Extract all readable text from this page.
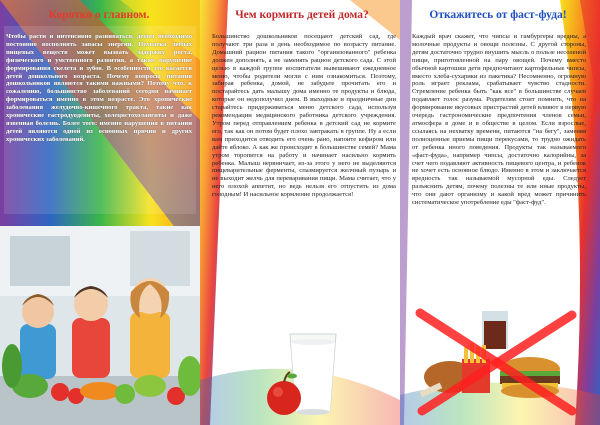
Коротко о главном.

Чтобы расти и интенсивно развиваться, детям необходимо постоянно восполнять запасы энергии. Нехватка любых пищевых веществ может вызвать задержку роста, физического и умственного развития, а также нарушение формирования скелета и зубов. В особенности это касается детей дошкольного возраста. Почему вопросы питания дошкольников являются такими важными? Потому что, к сожалению, большинство заболеваний сегодня начинает формироваться именно в этом возрасте. Это хронические заболевания желудочно-кишечного тракта, такие как хронические гастродуодениты, холецистохолангиты и даже язвенная болезнь. Более того: именно нарушения в питании детей являются одной из основных причин и других хронических заболеваний.

Чем кормить детей дома?

Большинство дошкольников посещают детский сад, где получают три раза в день необходимое по возрасту питание. Домашний рацион питания такого "организованного" ребенка должен дополнять, а не заменять рацион детского сада. С этой целью в каждой группе воспитатели вывешивают ежедневное меню, чтобы родители могли с ним ознакомиться. Поэтому, забирая ребенка, домой, не забудьте прочитать его и постарайтесь дать малышу дома именно те продукты и блюда, которые он недополучил днем. В выходные и праздничные дни старайтесь придерживаться меню детского сада, используя рекомендации медицинского работника детского учреждения. Утром перед отправлением ребенка в детский сад не кормите его, так как он потом будет плохо завтракать в группе. Ну а если вам приходится отводить его очень рано, напоите кефиром или дайте яблоко. А как же происходит в большинстве семей? Мама утром торопится на работу и начинает насильно кормить ребенка. Малыш нервничает, из-за этого у него не выделяются пищеварительные ферменты, спазмируется желчный пузырь и не выходит желчь для переваривания пищи. Мама считает, что у него плохой аппетит, но ведь нельзя его отпустить из дома голодным! И насильное кормление продолжается!

Откажитесь от фаст-фуда!

Каждый врач скажет, что чипсы и гамбургеры вредны, а молочные продукты и овощи полезны. С другой стороны, детям достаточно трудно внушить мысль о пользе несоленой пищи, приготовленной на пару овощей. Почему вместо обычной картошки дети предпочитают картофельные чипсы, вместо хлеба-сухарики из пакетика? Несомненно, огромную роль играет реклама, срабатывает чувство стадности. Стремление ребенка быть "как все" в большинстве случаев подавляет голос разума. Родителям стоит помнить, что на формирование вкусовых пристрастий детей влияют в первую очередь гастрономические предпочтения членов семьи, атмосфера в доме и в обществе в целом. Если взрослые, ссылаясь на нехватку времени, питаются "на бегу", заменяя полноценные приемы пищи перекусами, то трудно ожидать от ребенка иного поведения. Продукты так называемого «фаст-фуда», например чипсы, достаточно калорийны, за счет чего подавляют активность пищевого центра, и ребенок не хочет есть основное блюдо. Именно в этом и заключается вредность так называемой мусорной еды. Следует разъяснить детям, почему полезны те или иные продукты, что они дают организму и какой вред может причинить систематическое употребление еды "фаст-фуд".
